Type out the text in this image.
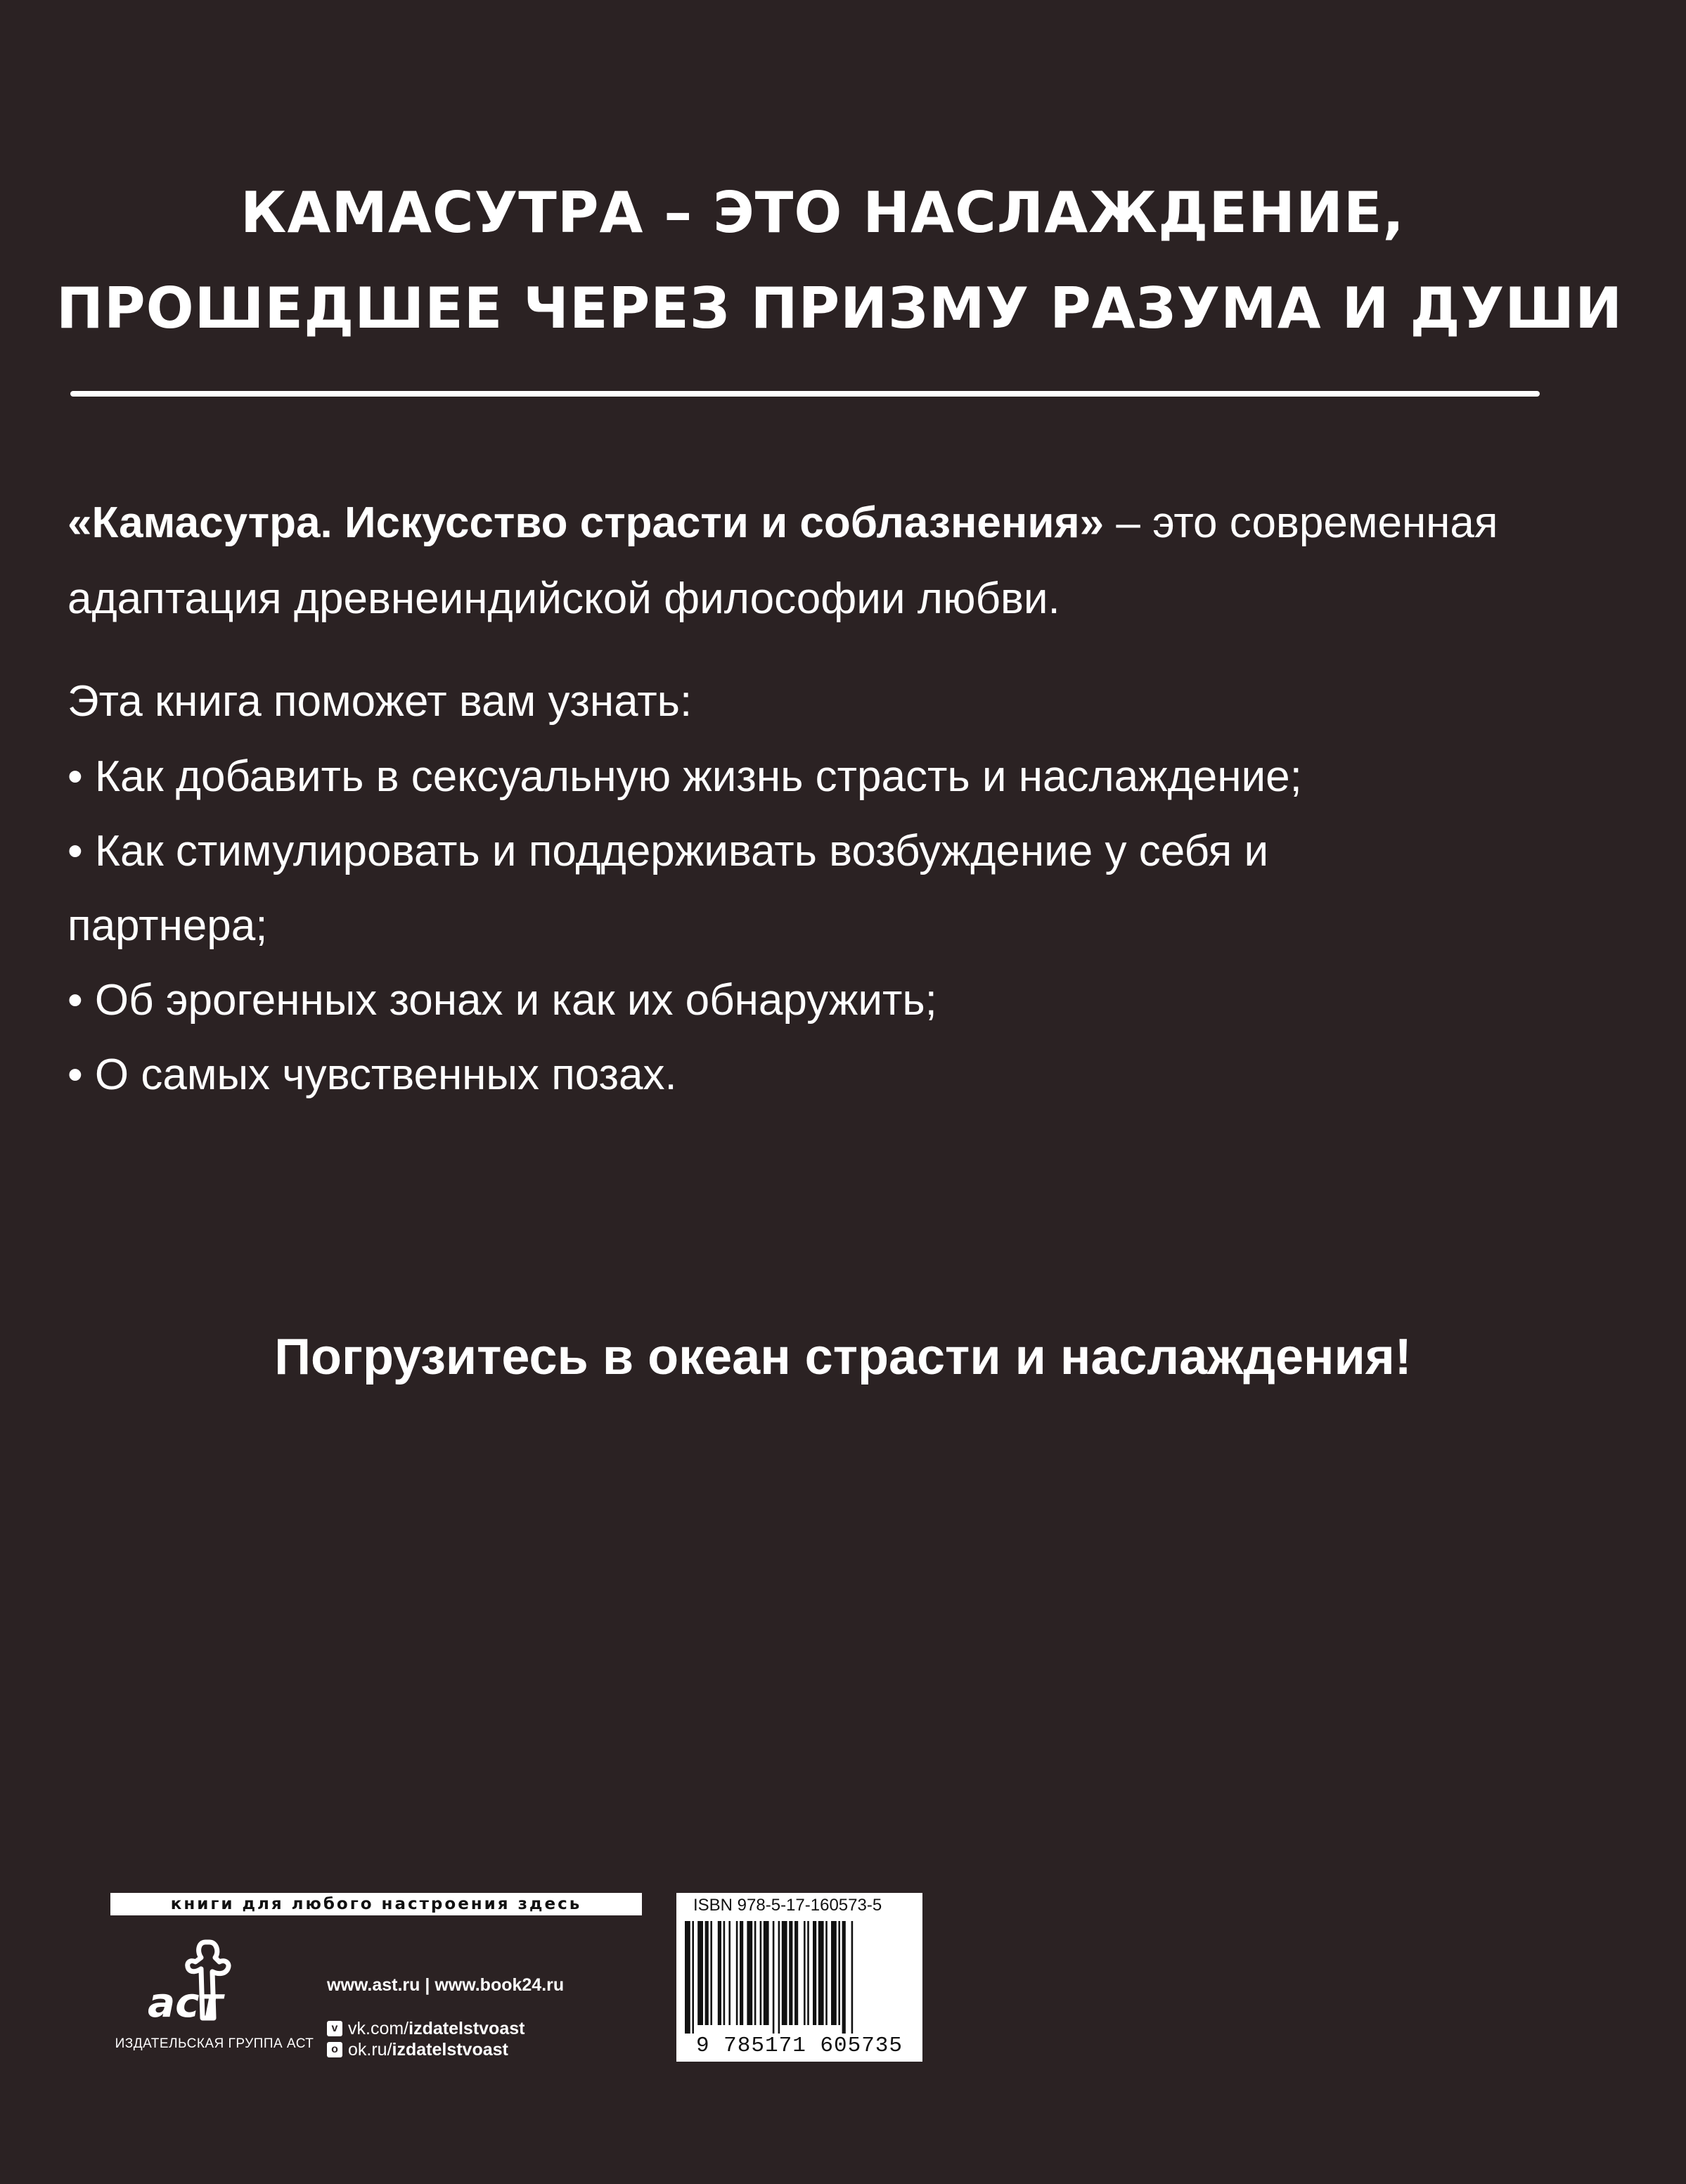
КАМАСУТРА – ЭТО НАСЛАЖДЕНИЕ,
ПРОШЕДШЕЕ ЧЕРЕЗ ПРИЗМУ РАЗУМА И ДУШИ
«Камасутра. Искусство страсти и соблазнения» – это современная адаптация древнеиндийской философии любви.
Эта книга поможет вам узнать:
• Как добавить в сексуальную жизнь страсть и наслаждение;
• Как стимулировать и поддерживать возбуждение у себя и
партнера;
• Об эрогенных зонах и как их обнаружить;
• О самых чувственных позах.
Погрузитесь в океан страсти и наслаждения!
книги для любого настроения здесь
аст
ИЗДАТЕЛЬСКАЯ ГРУППА АСТ
www.ast.ru | www.book24.ru
v vk.com/ izdatelstvoast
o ok.ru/ izdatelstvoast
ISBN 978-5-17-160573-5
9 785171 605735
